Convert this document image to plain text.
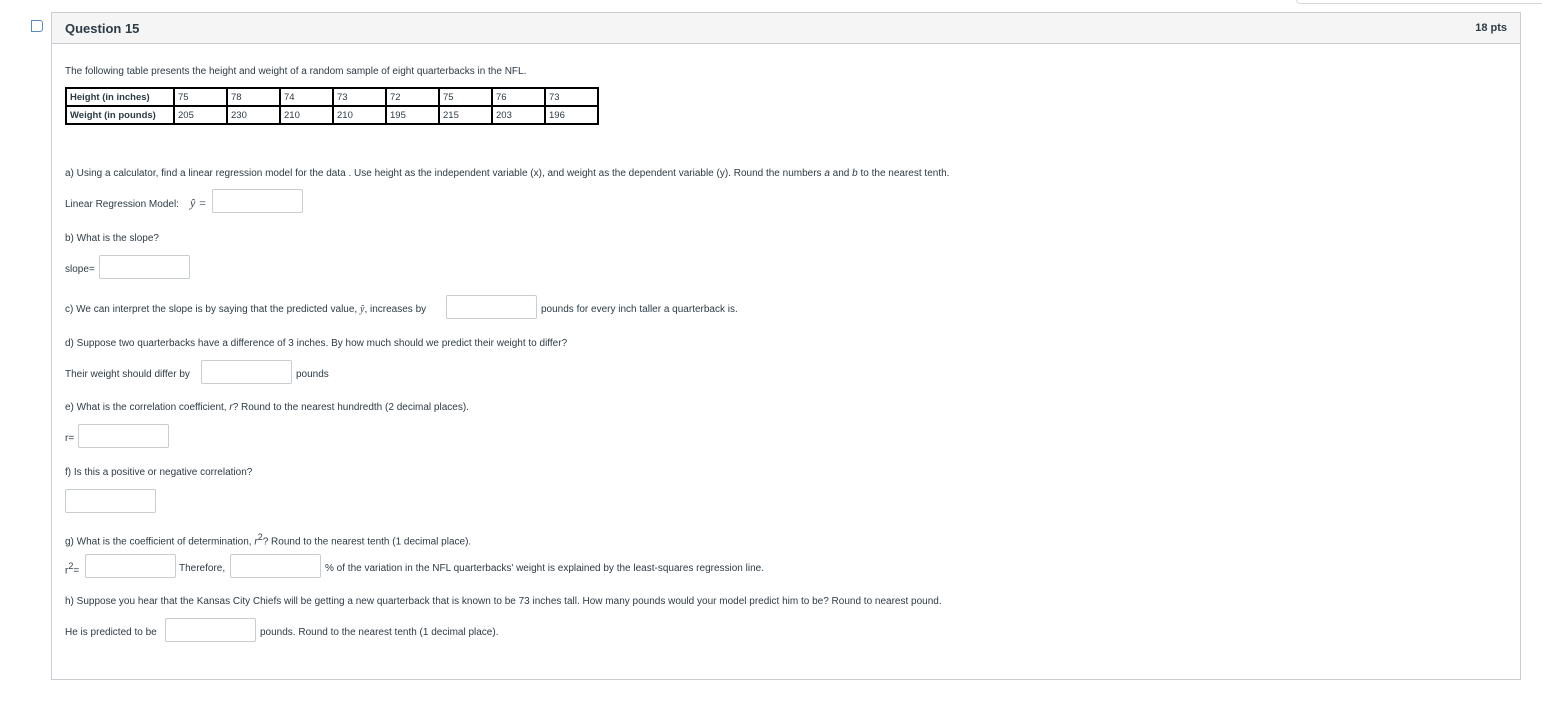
Question 15	18 pts
The following table presents the height and weight of a random sample of eight quarterbacks in the NFL.
Height (in inches)	75	78	74	73	72	75	76	73
Weight (in pounds)	205	230	210	210	195	215	203	196
a) Using a calculator, find a linear regression model for the data . Use height as the independent variable (x), and weight as the dependent variable (y). Round the numbers a and b to the nearest tenth.
Linear Regression Model: ŷ =
b) What is the slope?
slope=
c) We can interpret the slope is by saying that the predicted value, ŷ, increases by	pounds for every inch taller a quarterback is.
d) Suppose two quarterbacks have a difference of 3 inches. By how much should we predict their weight to differ?
Their weight should differ by	pounds
e) What is the correlation coefficient, r? Round to the nearest hundredth (2 decimal places).
r=
f) Is this a positive or negative correlation?
g) What is the coefficient of determination, $r^2$? Round to the nearest tenth (1 decimal place).
$r^2=$	Therefore,	% of the variation in the NFL quarterbacks' weight is explained by the least-squares regression line.
h) Suppose you hear that the Kansas City Chiefs will be getting a new quarterback that is known to be 73 inches tall. How many pounds would your model predict him to be? Round to nearest pound.
He is predicted to be	pounds. Round to the nearest tenth (1 decimal place).
